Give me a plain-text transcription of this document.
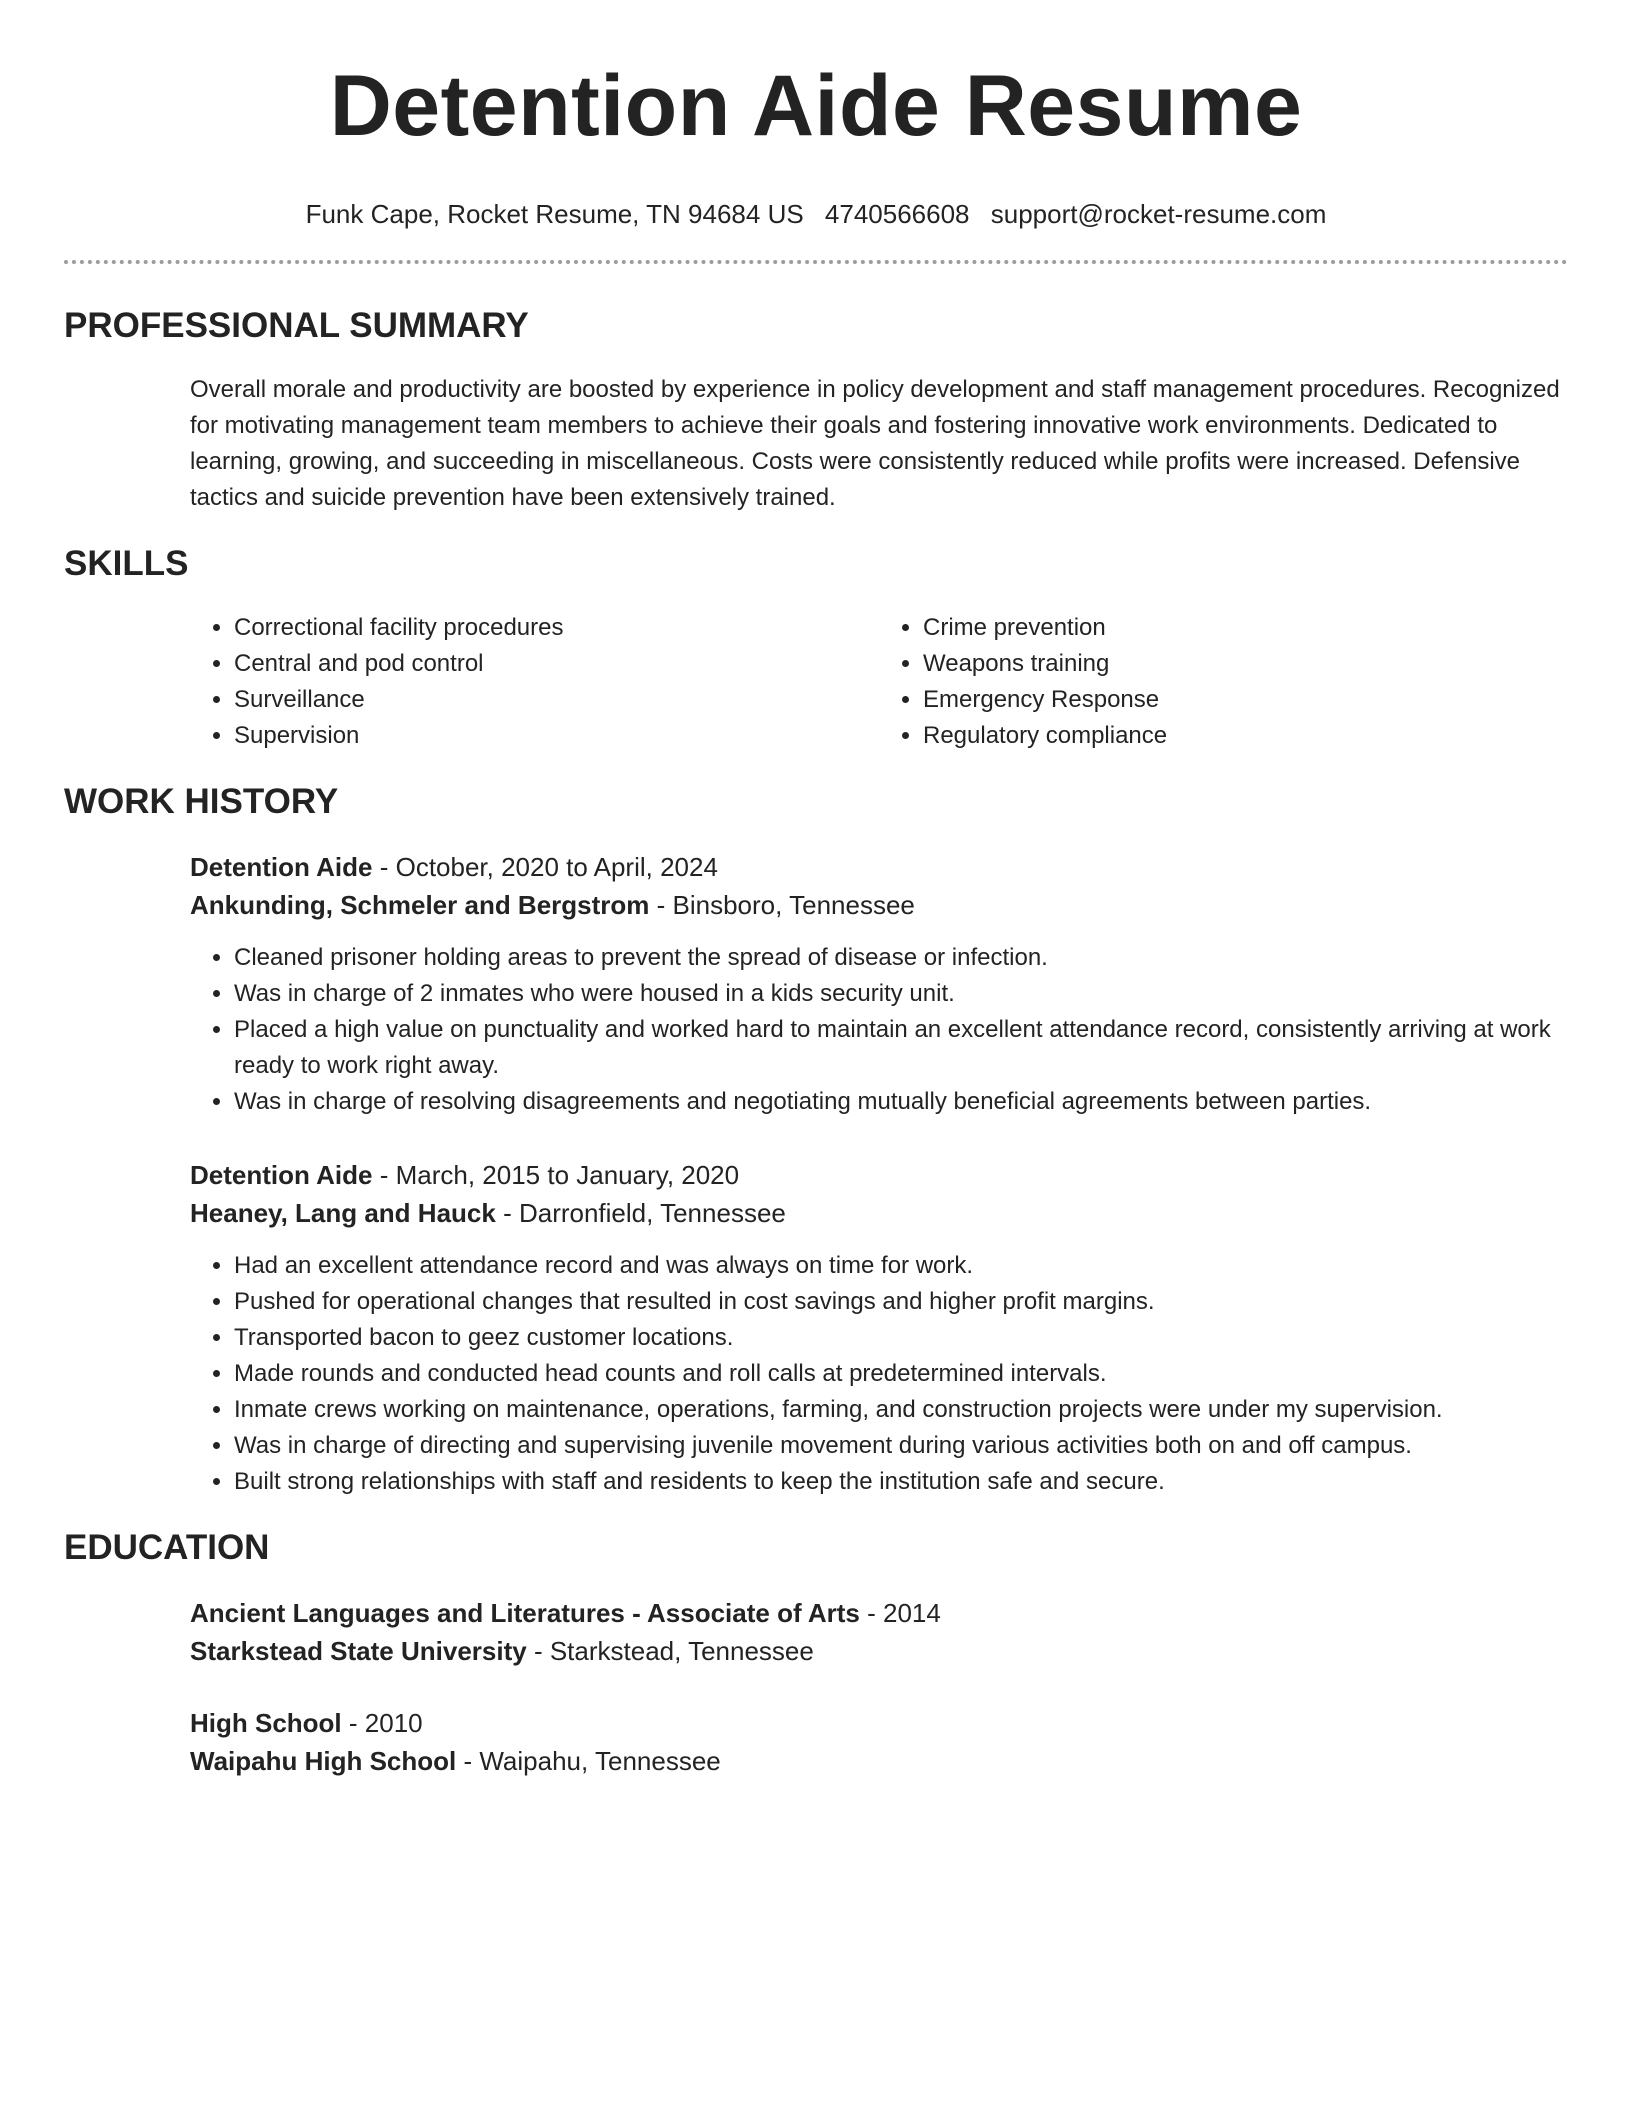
Detention Aide Resume
Funk Cape, Rocket Resume, TN 94684 US 4740566608 support@rocket-resume.com
PROFESSIONAL SUMMARY

Overall morale and productivity are boosted by experience in policy development and staff management procedures. Recognized for motivating management team members to achieve their goals and fostering innovative work environments. Dedicated to learning, growing, and succeeding in miscellaneous. Costs were consistently reduced while profits were increased. Defensive tactics and suicide prevention have been extensively trained.

SKILLS
• Correctional facility procedures
• Central and pod control
• Surveillance
• Supervision
• Crime prevention
• Weapons training
• Emergency Response
• Regulatory compliance
WORK HISTORY

Detention Aide - October, 2020 to April, 2024

Ankunding, Schmeler and Bergstrom - Binsboro, Tennessee

• Cleaned prisoner holding areas to prevent the spread of disease or infection.
• Was in charge of 2 inmates who were housed in a kids security unit.
• Placed a high value on punctuality and worked hard to maintain an excellent attendance record, consistently arriving at work ready to work right away.
• Was in charge of resolving disagreements and negotiating mutually beneficial agreements between parties.

Detention Aide - March, 2015 to January, 2020

Heaney, Lang and Hauck - Darronfield, Tennessee

• Had an excellent attendance record and was always on time for work.
• Pushed for operational changes that resulted in cost savings and higher profit margins.
• Transported bacon to geez customer locations.
• Made rounds and conducted head counts and roll calls at predetermined intervals.
• Inmate crews working on maintenance, operations, farming, and construction projects were under my supervision.
• Was in charge of directing and supervising juvenile movement during various activities both on and off campus.
• Built strong relationships with staff and residents to keep the institution safe and secure.
EDUCATION

Ancient Languages and Literatures - Associate of Arts - 2014

Starkstead State University - Starkstead, Tennessee

High School - 2010

Waipahu High School - Waipahu, Tennessee
